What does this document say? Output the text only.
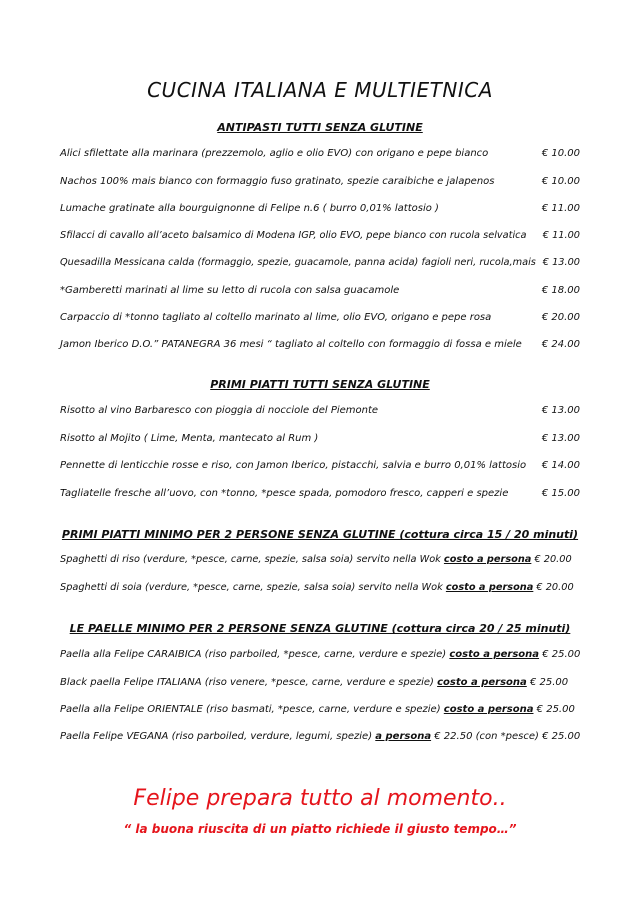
CUCINA ITALIANA E MULTIETNICA
ANTIPASTI TUTTI SENZA GLUTINE
Alici sfilettate alla marinara (prezzemolo, aglio e olio EVO) con origano e pepe bianco	€ 10.00
Nachos 100% mais bianco con formaggio fuso gratinato, spezie caraibiche e jalapenos	€ 10.00
Lumache gratinate alla bourguignonne di Felipe n.6 ( burro 0,01% lattosio )	€ 11.00
Sfilacci di cavallo all’aceto balsamico di Modena IGP, olio EVO, pepe bianco con rucola selvatica € 11.00
Quesadilla Messicana calda (formaggio, spezie, guacamole, panna acida) fagioli neri, rucola,mais € 13.00
*Gamberetti marinati al lime su letto di rucola con salsa guacamole	€ 18.00
Carpaccio di *tonno tagliato al coltello marinato al lime, olio EVO, origano e pepe rosa	€ 20.00
Jamon Iberico D.O.” PATANEGRA 36 mesi “ tagliato al coltello con formaggio di fossa e miele € 24.00
PRIMI PIATTI TUTTI SENZA GLUTINE
Risotto al vino Barbaresco con pioggia di nocciole del Piemonte	€ 13.00
Risotto al Mojito ( Lime, Menta, mantecato al Rum )	€ 13.00
Pennette di lenticchie rosse e riso, con Jamon Iberico, pistacchi, salvia e burro 0,01% lattosio € 14.00
Tagliatelle fresche all’uovo, con *tonno, *pesce spada, pomodoro fresco, capperi e spezie	€ 15.00
PRIMI PIATTI MINIMO PER 2 PERSONE SENZA GLUTINE (cottura circa 15 / 20 minuti)
Spaghetti di riso (verdure, *pesce, carne, spezie, salsa soia) servito nella Wok costo a persona € 20.00
Spaghetti di soia (verdure, *pesce, carne, spezie, salsa soia) servito nella Wok costo a persona € 20.00
LE PAELLE MINIMO PER 2 PERSONE SENZA GLUTINE (cottura circa 20 / 25 minuti)
Paella alla Felipe CARAIBICA (riso parboiled, *pesce, carne, verdure e spezie) costo a persona € 25.00
Black paella Felipe ITALIANA (riso venere, *pesce, carne, verdure e spezie) costo a persona € 25.00
Paella alla Felipe ORIENTALE (riso basmati, *pesce, carne, verdure e spezie) costo a persona € 25.00
Paella Felipe VEGANA (riso parboiled, verdure, legumi, spezie) a persona € 22.50 (con *pesce) € 25.00
Felipe prepara tutto al momento..
“ la buona riuscita di un piatto richiede il giusto tempo…”
